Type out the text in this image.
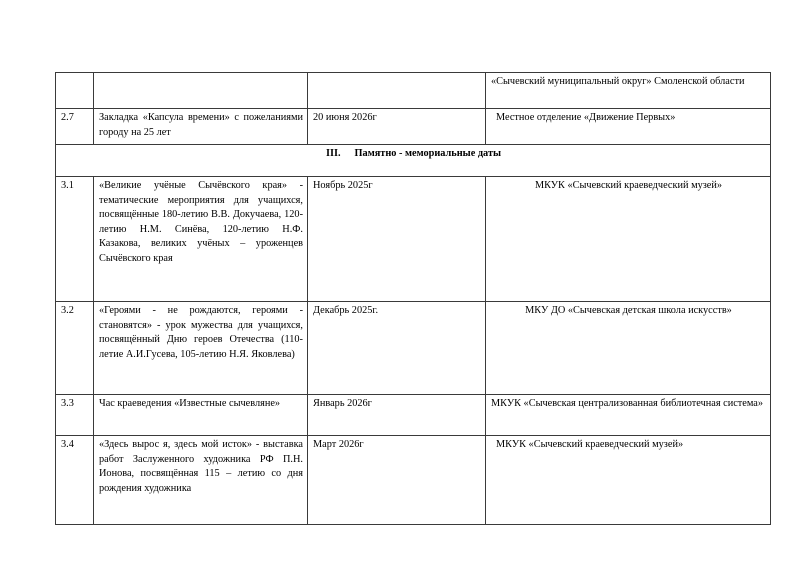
			«Сычевский муниципальный округ» Смоленской области
2.7	Закладка «Капсула времени» с пожеланиями городу на 25 лет	20 июня 2026г	Местное отделение «Движение Первых»
III. Памятно - мемориальные даты			
3.1	«Великие учёные Сычёвского края» - тематические мероприятия для учащихся, посвящённые 180-летию В.В. Докучаева, 120-летию Н.М. Синёва, 120-летию Н.Ф. Казакова, великих учёных – уроженцев Сычёвского края	Ноябрь 2025г	МКУК «Сычевский краеведческий музей»
3.2	«Героями - не рождаются, героями - становятся» - урок мужества для учащихся, посвящённый Дню героев Отечества (110-летие А.И.Гусева, 105-летию Н.Я. Яковлева)	Декабрь 2025г.	МКУ ДО «Сычевская детская школа искусств»
3.3	Час краеведения «Известные сычевляне»	Январь 2026г	МКУК «Сычевская централизованная библиотечная система»
3.4	«Здесь вырос я, здесь мой исток» - выставка работ Заслуженного художника РФ П.Н. Ионова, посвящённая 115 – летию со дня рождения художника	Март 2026г	МКУК «Сычевский краеведческий музей»
